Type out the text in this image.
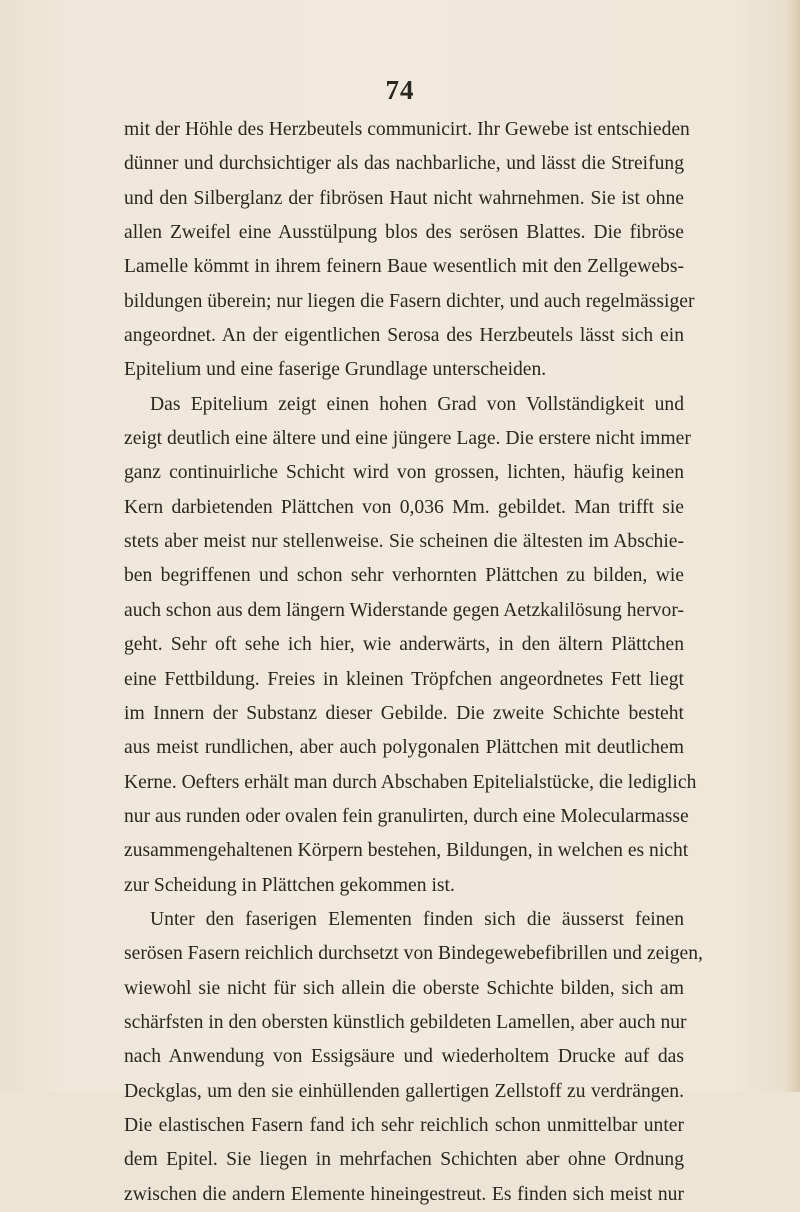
74
mit der Höhle des Herzbeutels communicirt. Ihr Gewebe ist entschieden
dünner und durchsichtiger als das nachbarliche, und lässt die Streifung
und den Silberglanz der fibrösen Haut nicht wahrnehmen. Sie ist ohne
allen Zweifel eine Ausstülpung blos des serösen Blattes. Die fibröse
Lamelle kömmt in ihrem feinern Baue wesentlich mit den Zellgewebs-
bildungen überein; nur liegen die Fasern dichter, und auch regelmässiger
angeordnet. An der eigentlichen Serosa des Herzbeutels lässt sich ein
Epitelium und eine faserige Grundlage unterscheiden.
Das Epitelium zeigt einen hohen Grad von Vollständigkeit und
zeigt deutlich eine ältere und eine jüngere Lage. Die erstere nicht immer
ganz continuirliche Schicht wird von grossen, lichten, häufig keinen
Kern darbietenden Plättchen von 0,036 Mm. gebildet. Man trifft sie
stets aber meist nur stellenweise. Sie scheinen die ältesten im Abschie-
ben begriffenen und schon sehr verhornten Plättchen zu bilden, wie
auch schon aus dem längern Widerstande gegen Aetzkalilösung hervor-
geht. Sehr oft sehe ich hier, wie anderwärts, in den ältern Plättchen
eine Fettbildung. Freies in kleinen Tröpfchen angeordnetes Fett liegt
im Innern der Substanz dieser Gebilde. Die zweite Schichte besteht
aus meist rundlichen, aber auch polygonalen Plättchen mit deutlichem
Kerne. Oefters erhält man durch Abschaben Epitelialstücke, die lediglich
nur aus runden oder ovalen fein granulirten, durch eine Molecularmasse
zusammengehaltenen Körpern bestehen, Bildungen, in welchen es nicht
zur Scheidung in Plättchen gekommen ist.
Unter den faserigen Elementen finden sich die äusserst feinen
serösen Fasern reichlich durchsetzt von Bindegewebefibrillen und zeigen,
wiewohl sie nicht für sich allein die oberste Schichte bilden, sich am
schärfsten in den obersten künstlich gebildeten Lamellen, aber auch nur
nach Anwendung von Essigsäure und wiederholtem Drucke auf das
Deckglas, um den sie einhüllenden gallertigen Zellstoff zu verdrängen.
Die elastischen Fasern fand ich sehr reichlich schon unmittelbar unter
dem Epitel. Sie liegen in mehrfachen Schichten aber ohne Ordnung
zwischen die andern Elemente hineingestreut. Es finden sich meist nur
